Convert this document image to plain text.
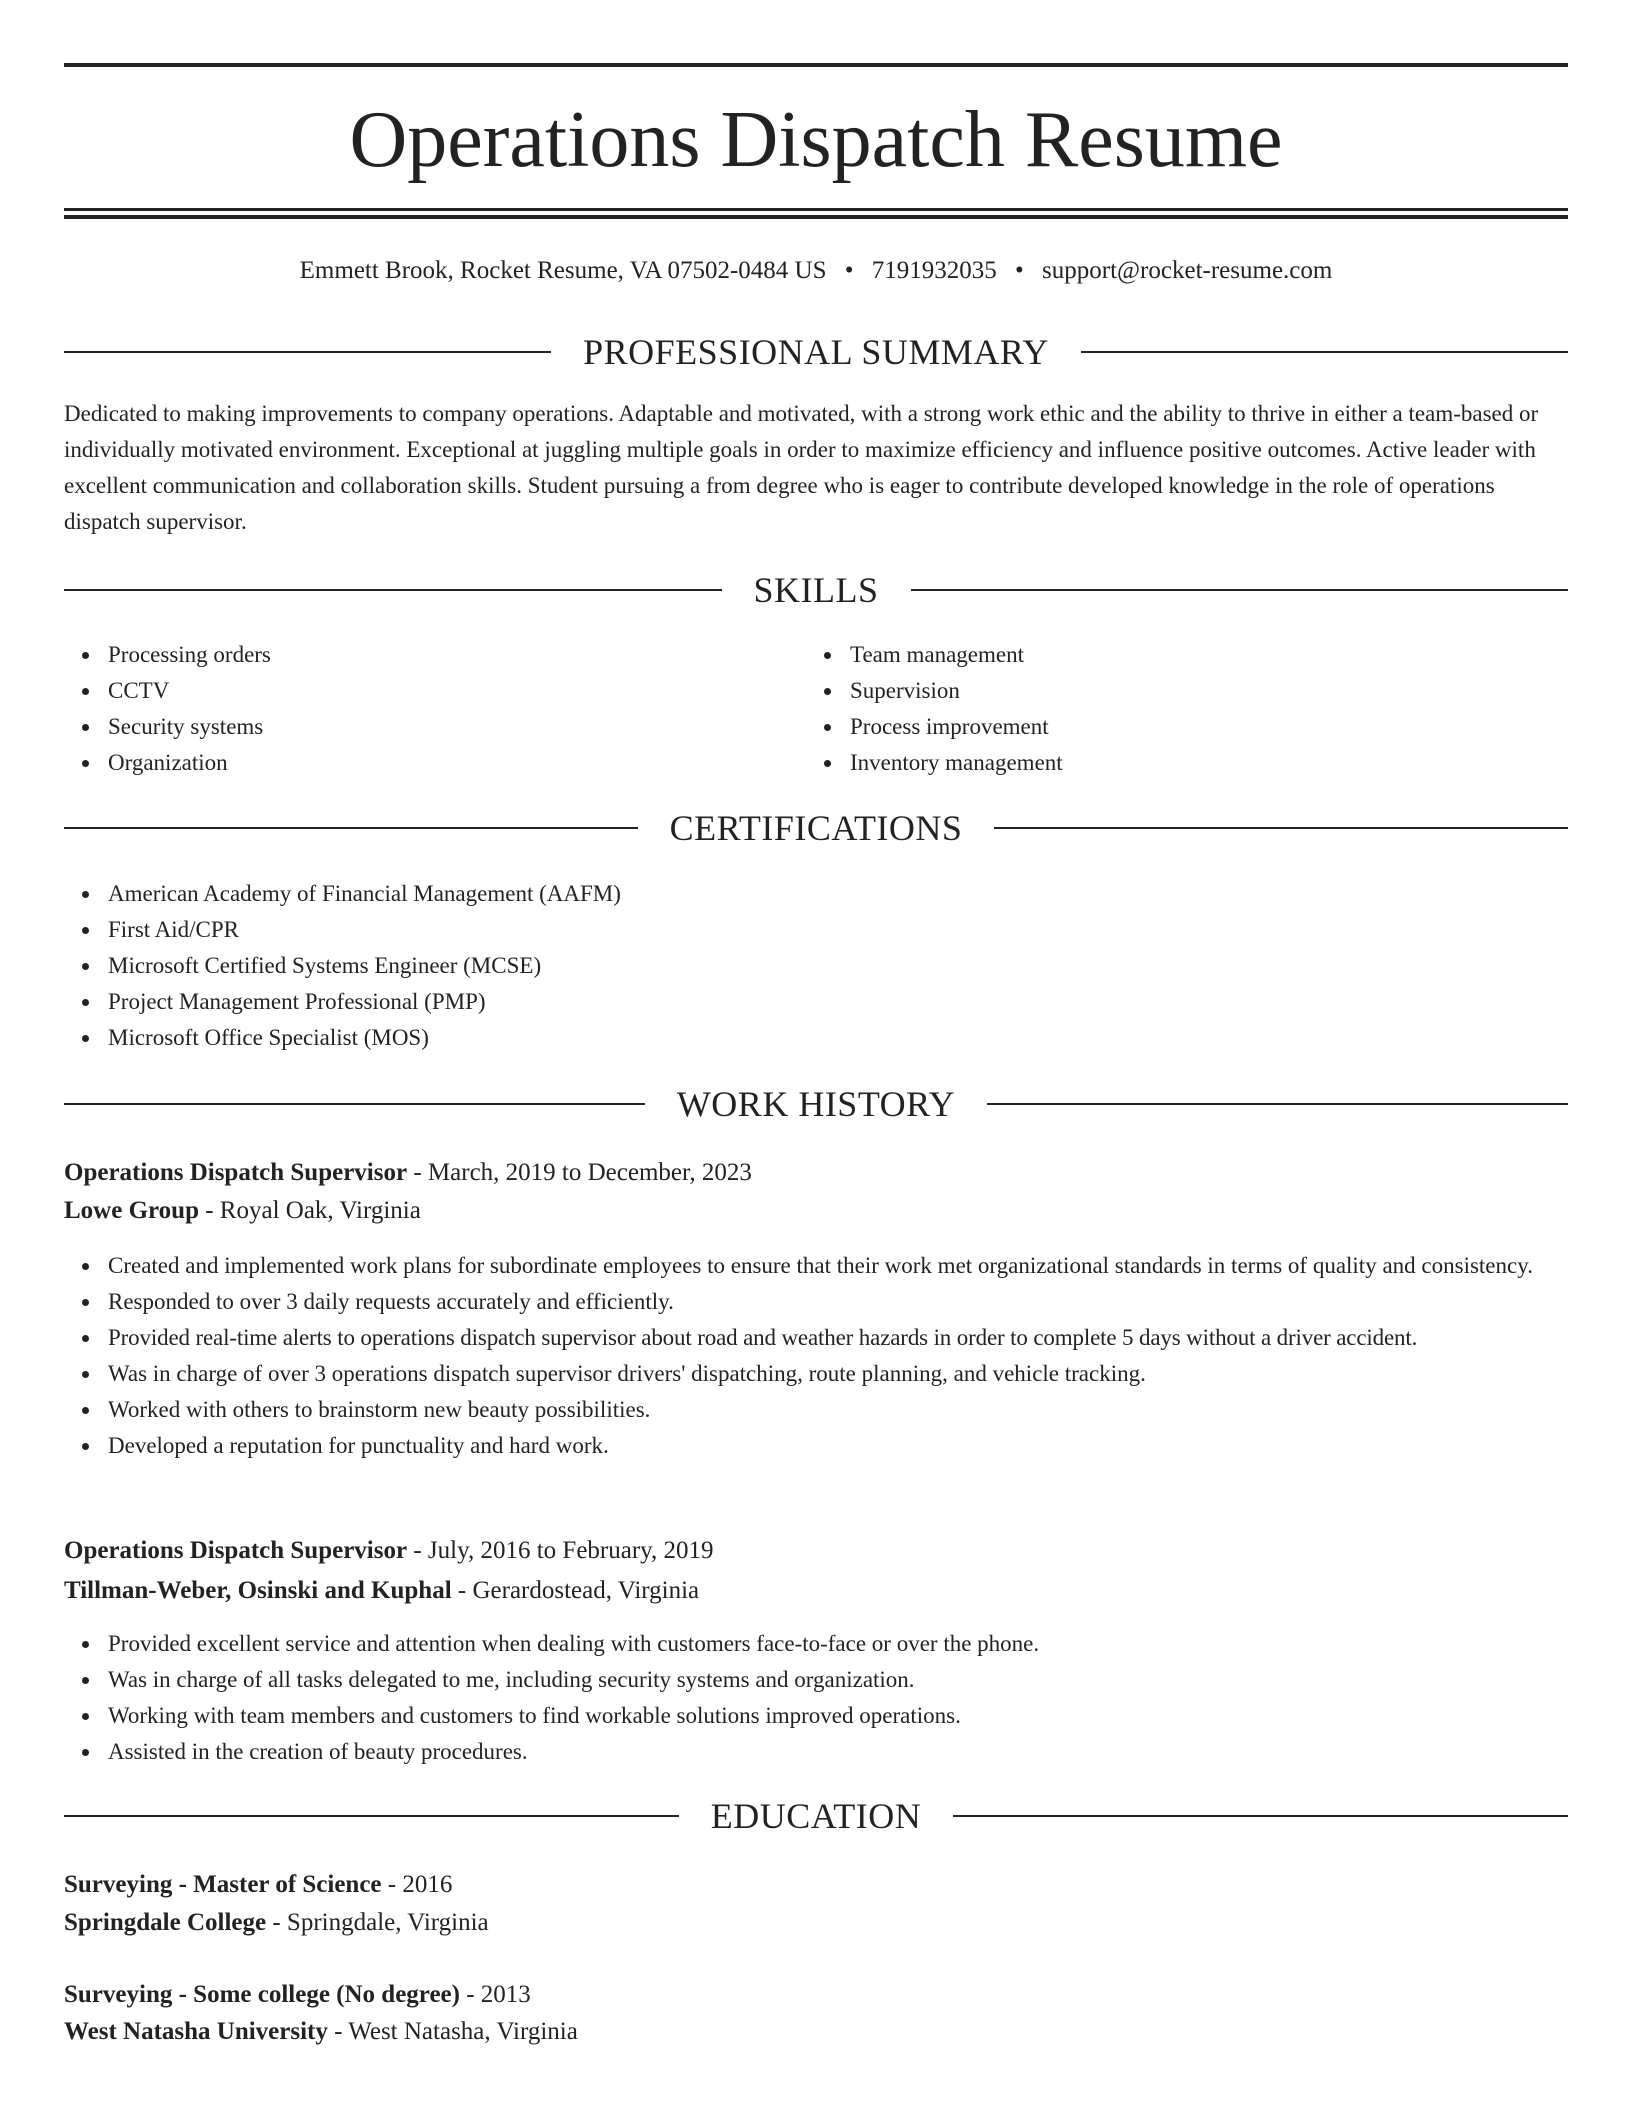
Operations Dispatch Resume
Emmett Brook, Rocket Resume, VA 07502-0484 US • 7191932035 • support@rocket-resume.com
PROFESSIONAL SUMMARY

Dedicated to making improvements to company operations. Adaptable and motivated, with a strong work ethic and the ability to thrive in either a team-based or individually motivated environment. Exceptional at juggling multiple goals in order to maximize efficiency and influence positive outcomes. Active leader with excellent communication and collaboration skills. Student pursuing a from degree who is eager to contribute developed knowledge in the role of operations dispatch supervisor.

SKILLS
Processing orders
CCTV
Security systems
Organization
Team management
Supervision
Process improvement
Inventory management
CERTIFICATIONS
American Academy of Financial Management (AAFM)
First Aid/CPR
Microsoft Certified Systems Engineer (MCSE)
Project Management Professional (PMP)
Microsoft Office Specialist (MOS)
WORK HISTORY
Operations Dispatch Supervisor - March, 2019 to December, 2023
Lowe Group - Royal Oak, Virginia
Created and implemented work plans for subordinate employees to ensure that their work met organizational standards in terms of quality and consistency.
Responded to over 3 daily requests accurately and efficiently.
Provided real-time alerts to operations dispatch supervisor about road and weather hazards in order to complete 5 days without a driver accident.
Was in charge of over 3 operations dispatch supervisor drivers' dispatching, route planning, and vehicle tracking.
Worked with others to brainstorm new beauty possibilities.
Developed a reputation for punctuality and hard work.
Operations Dispatch Supervisor - July, 2016 to February, 2019
Tillman-Weber, Osinski and Kuphal - Gerardostead, Virginia
Provided excellent service and attention when dealing with customers face-to-face or over the phone.
Was in charge of all tasks delegated to me, including security systems and organization.
Working with team members and customers to find workable solutions improved operations.
Assisted in the creation of beauty procedures.
EDUCATION
Surveying - Master of Science - 2016
Springdale College - Springdale, Virginia
Surveying - Some college (No degree) - 2013
West Natasha University - West Natasha, Virginia
